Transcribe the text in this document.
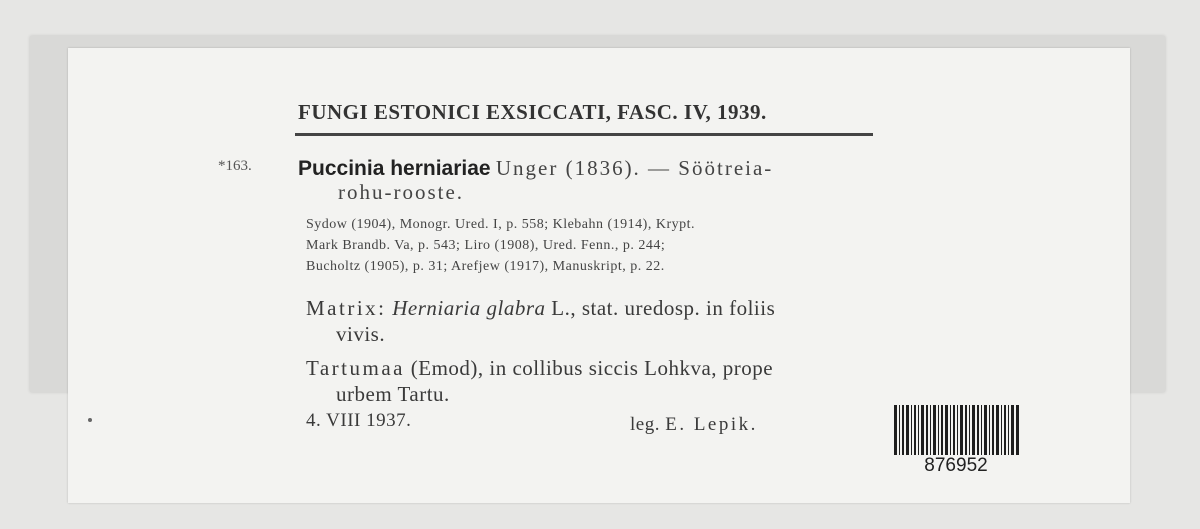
FUNGI ESTONICI EXSICCATI, FASC. IV, 1939.
*163. Puccinia herniariae Unger (1836). — Söötreia-
rohu-rooste.
Sydow (1904), Monogr. Ured. I, p. 558; Klebahn (1914), Krypt.
Mark Brandb. Va, p. 543; Liro (1908), Ured. Fenn., p. 244;
Bucholtz (1905), p. 31; Arefjew (1917), Manuskript, p. 22.
Matrix: Herniaria glabra L., stat. uredosp. in foliis
vivis.
Tartumaa (Emod), in collibus siccis Lohkva, prope
urbem Tartu.
4. VIII 1937.	leg. E. Lepik.
876952
